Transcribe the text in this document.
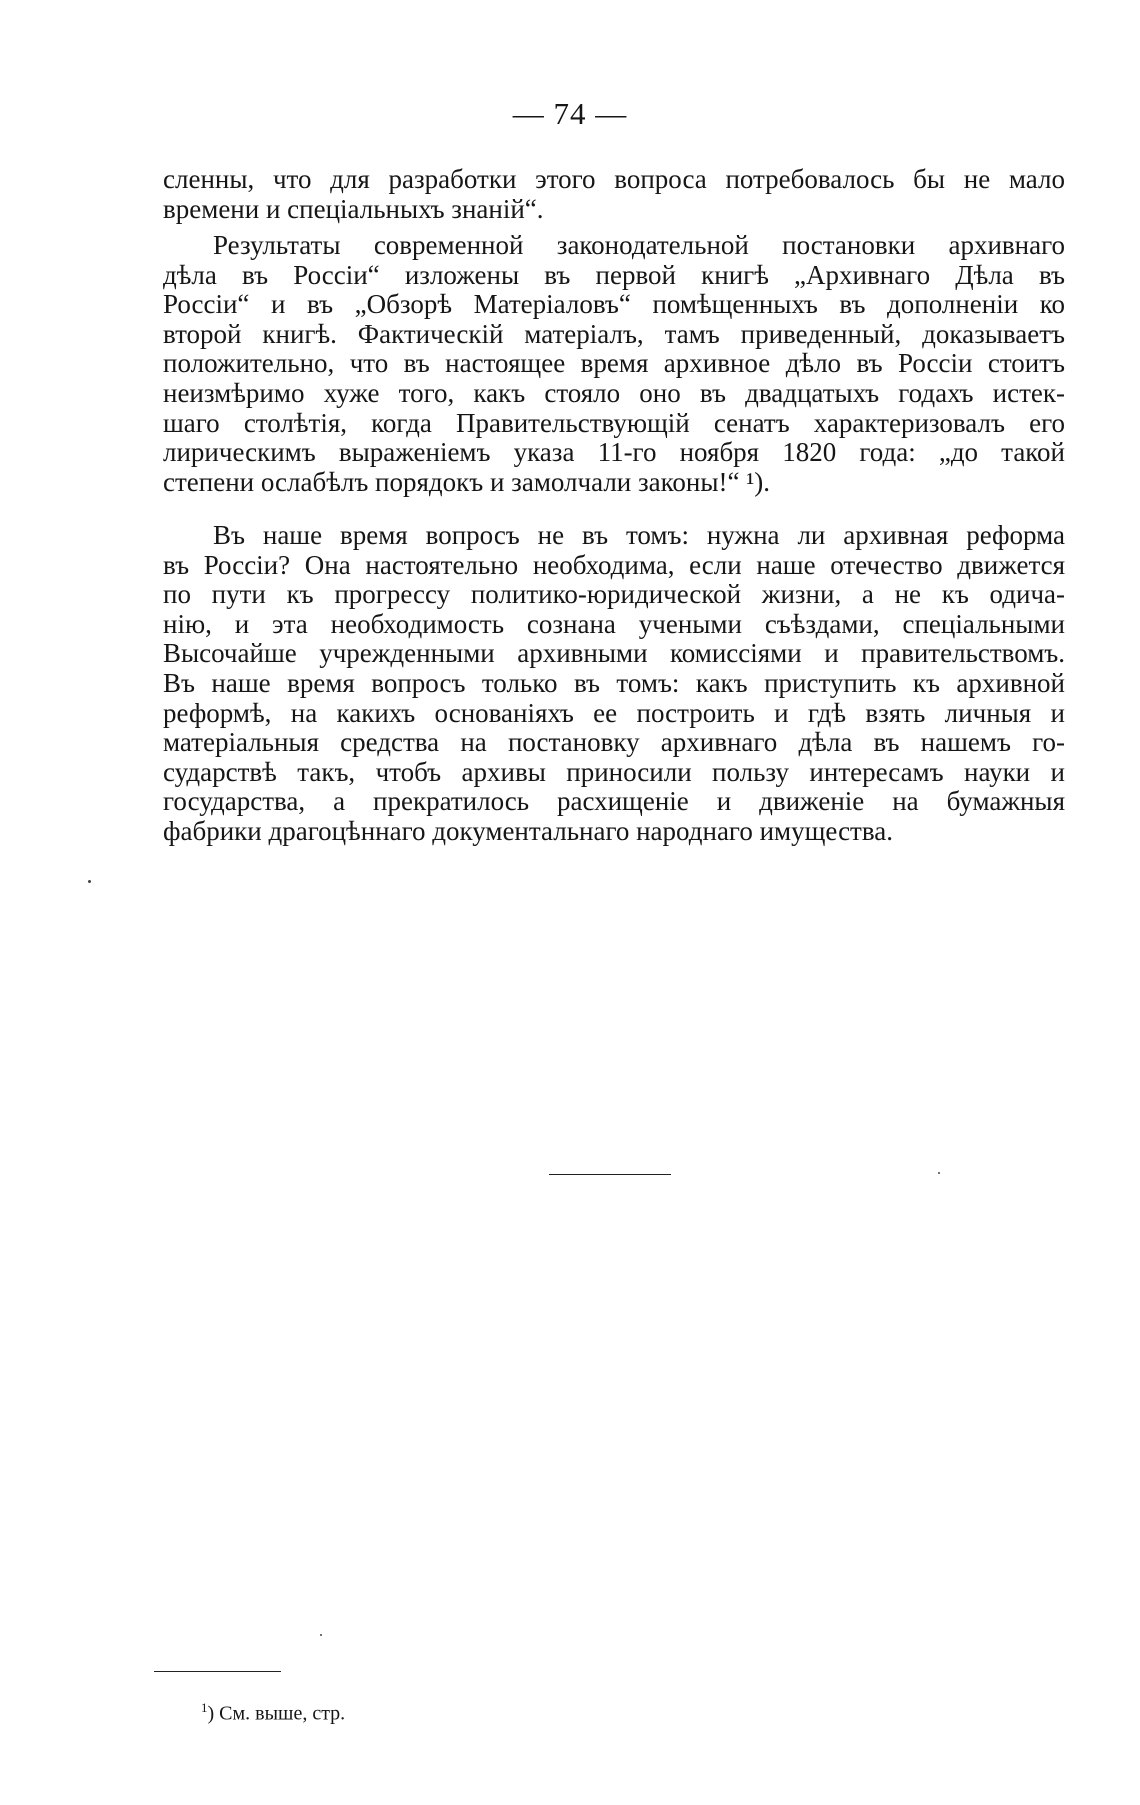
— 74 —
сленны, что для разработки этого вопроса потребовалось бы не мало
времени и спеціальныхъ знаній“.
Результаты современной законодательной постановки архивнаго
дѣла въ Россіи“ изложены въ первой книгѣ „Архивнаго Дѣла въ
Россіи“ и въ „Обзорѣ Матеріаловъ“ помѣщенныхъ въ дополненіи ко
второй книгѣ. Фактическій матеріалъ, тамъ приведенный, доказываетъ
положительно, что въ настоящее время архивное дѣло въ Россіи стоитъ
неизмѣримо хуже того, какъ стояло оно въ двадцатыхъ годахъ истек-
шаго столѣтія, когда Правительствующій сенатъ характеризовалъ его
лирическимъ выраженіемъ указа 11-го ноября 1820 года: „до такой
степени ослабѣлъ порядокъ и замолчали законы!“ ¹).
Въ наше время вопросъ не въ томъ: нужна ли архивная реформа
въ Россіи? Она настоятельно необходима, если наше отечество движется
по пути къ прогрессу политико-юридической жизни, а не къ одича-
нію, и эта необходимость сознана учеными съѣздами, спеціальными
Высочайше учрежденными архивными комиссіями и правительствомъ.
Въ наше время вопросъ только въ томъ: какъ приступить къ архивной
реформѣ, на какихъ основаніяхъ ее построить и гдѣ взять личныя и
матеріальныя средства на постановку архивнаго дѣла въ нашемъ го-
сударствѣ такъ, чтобъ архивы приносили пользу интересамъ науки и
государства, а прекратилось расхищеніе и движеніе на бумажныя
фабрики драгоцѣннаго документальнаго народнаго имущества.
$^1$) См. выше, стр.
